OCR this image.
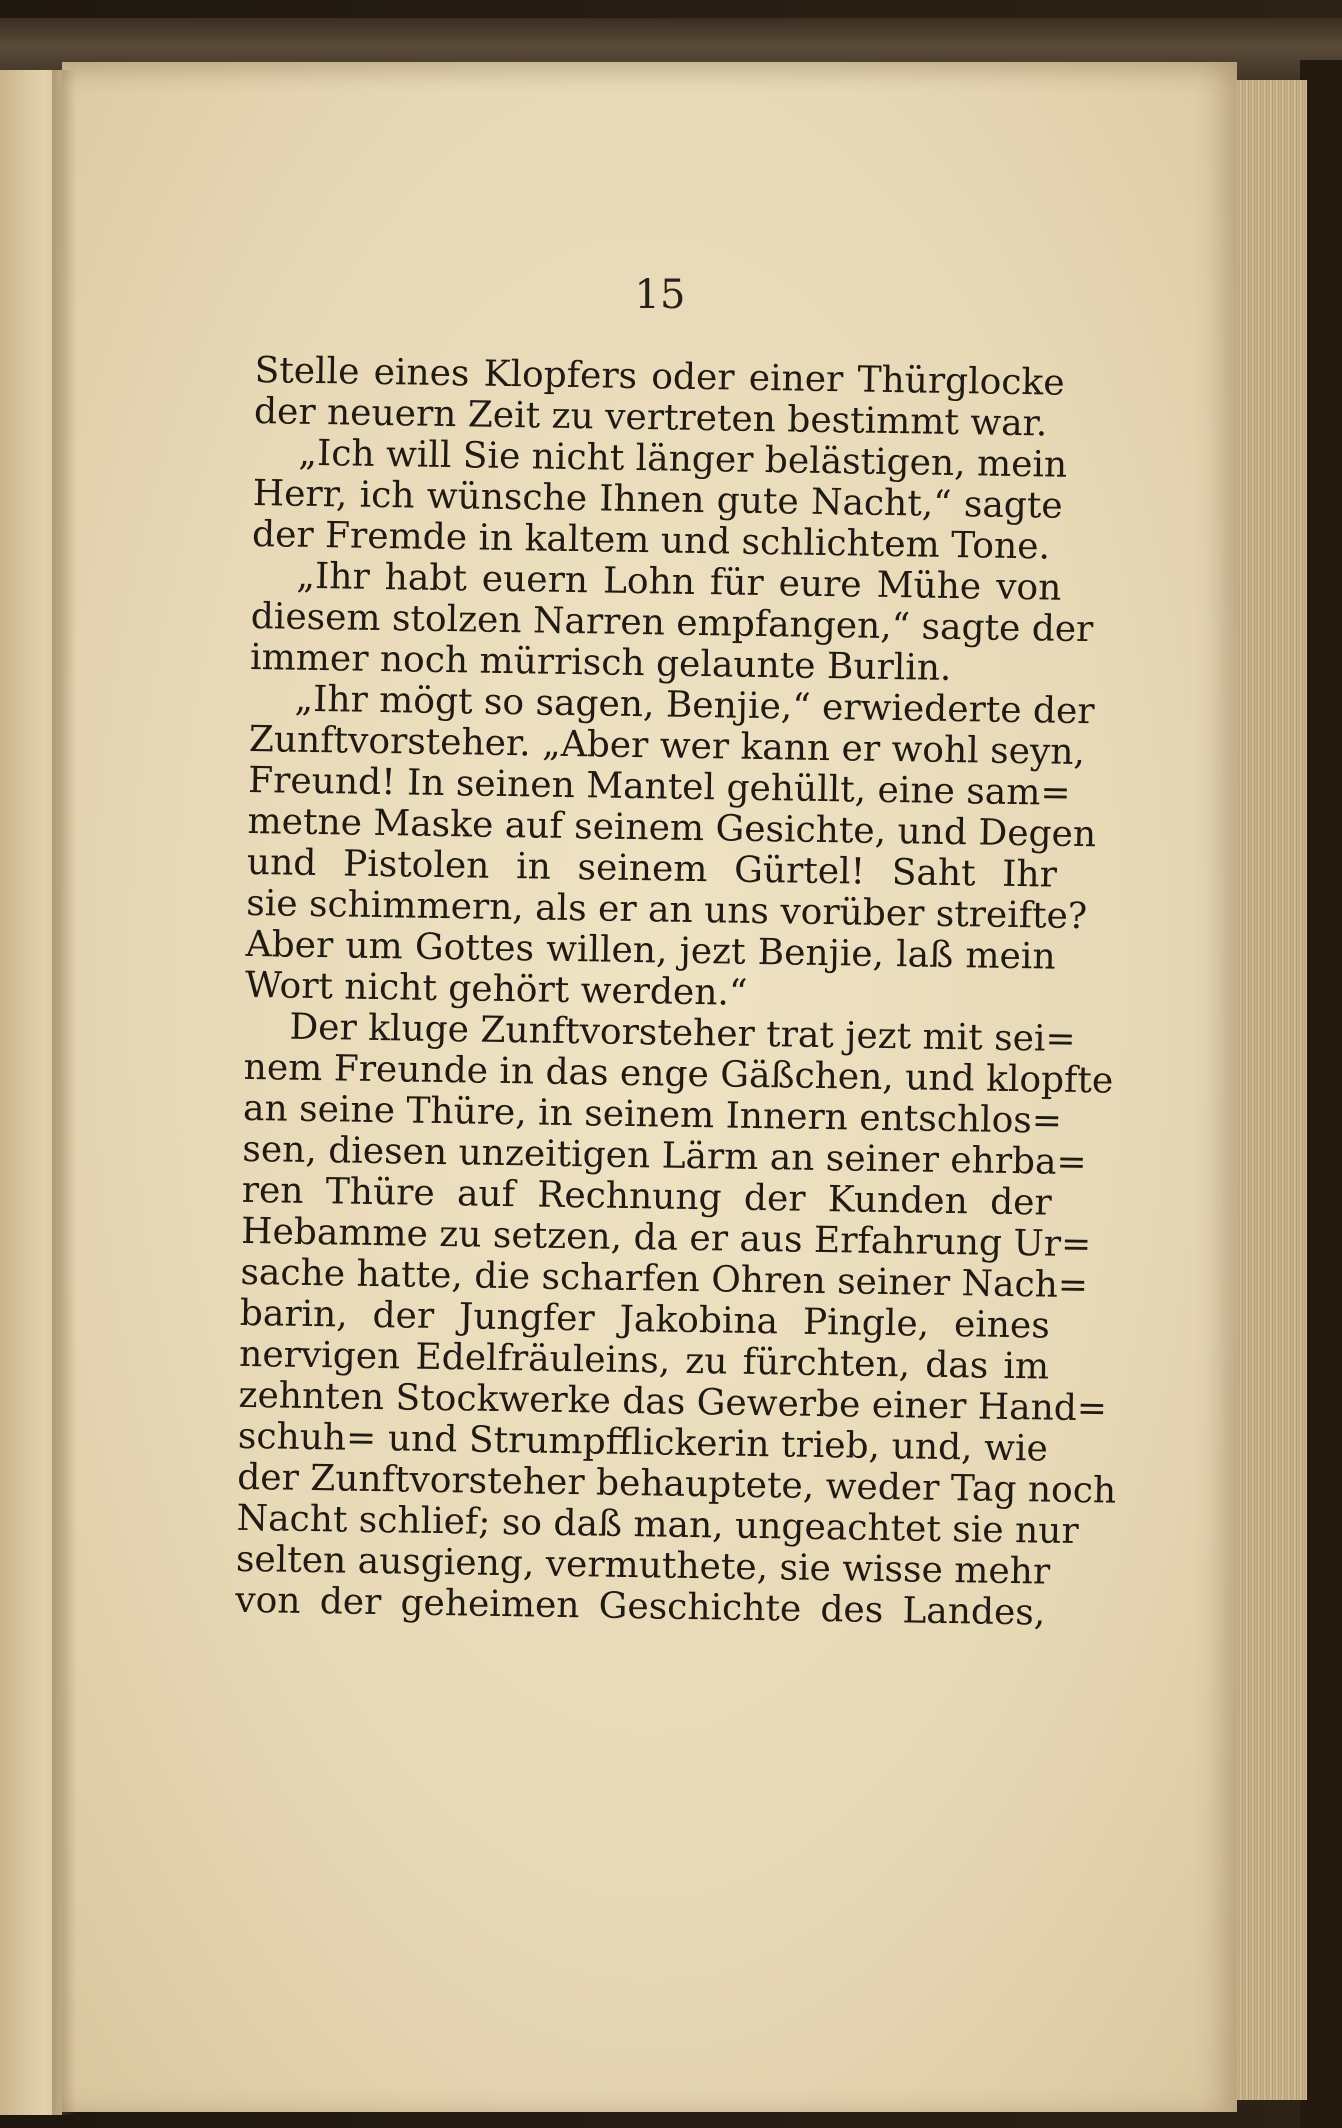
15
Stelle eines Klopfers oder einer Thürglocke
der neuern Zeit zu vertreten bestimmt war.
„Ich will Sie nicht länger belästigen, mein
Herr, ich wünsche Ihnen gute Nacht,“ sagte
der Fremde in kaltem und schlichtem Tone.
„Ihr habt euern Lohn für eure Mühe von
diesem stolzen Narren empfangen,“ sagte der
immer noch mürrisch gelaunte Burlin.
„Ihr mögt so sagen, Benjie,“ erwiederte der
Zunftvorsteher. „Aber wer kann er wohl seyn,
Freund! In seinen Mantel gehüllt, eine sam=
metne Maske auf seinem Gesichte, und Degen
und Pistolen in seinem Gürtel! Saht Ihr
sie schimmern, als er an uns vorüber streifte?
Aber um Gottes willen, jezt Benjie, laß mein
Wort nicht gehört werden.“
Der kluge Zunftvorsteher trat jezt mit sei=
nem Freunde in das enge Gäßchen, und klopfte
an seine Thüre, in seinem Innern entschlos=
sen, diesen unzeitigen Lärm an seiner ehrba=
ren Thüre auf Rechnung der Kunden der
Hebamme zu setzen, da er aus Erfahrung Ur=
sache hatte, die scharfen Ohren seiner Nach=
barin, der Jungfer Jakobina Pingle, eines
nervigen Edelfräuleins, zu fürchten, das im
zehnten Stockwerke das Gewerbe einer Hand=
schuh= und Strumpfflickerin trieb, und, wie
der Zunftvorsteher behauptete, weder Tag noch
Nacht schlief; so daß man, ungeachtet sie nur
selten ausgieng, vermuthete, sie wisse mehr
von der geheimen Geschichte des Landes,
